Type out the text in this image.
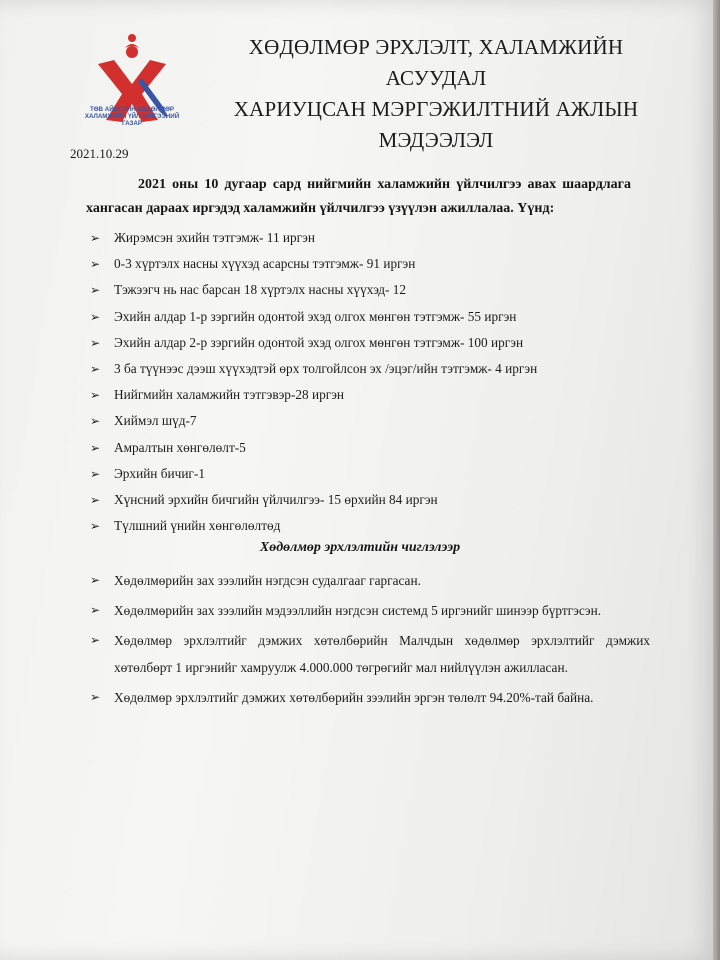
ТӨВ АЙМГИЙН ХӨДӨЛМӨР
ХАЛАМЖИЙН ҮЙЛЧИЛГЭЭНИЙ
ГАЗАР
ХӨДӨЛМӨР ЭРХЛЭЛТ, ХАЛАМЖИЙН АСУУДАЛ
ХАРИУЦСАН МЭРГЭЖИЛТНИЙ АЖЛЫН
МЭДЭЭЛЭЛ
2021.10.29
2021 оны 10 дугаар сард нийгмийн халамжийн үйлчилгээ авах шаардлага хангасан дараах иргэдэд халамжийн үйлчилгээ үзүүлэн ажиллалаа. Үүнд:
➢ Жирэмсэн эхийн тэтгэмж- 11 иргэн
➢ 0-3 хүртэлх насны хүүхэд асарсны тэтгэмж- 91 иргэн
➢ Тэжээгч нь нас барсан 18 хүртэлх насны хүүхэд- 12
➢ Эхийн алдар 1-р зэргийн одонтой эхэд олгох мөнгөн тэтгэмж- 55 иргэн
➢ Эхийн алдар 2-р зэргийн одонтой эхэд олгох мөнгөн тэтгэмж- 100 иргэн
➢ 3 ба түүнээс дээш хүүхэдтэй өрх толгойлсон эх /эцэг/ийн тэтгэмж- 4 иргэн
➢ Нийгмийн халамжийн тэтгэвэр-28 иргэн
➢ Хиймэл шүд-7
➢ Амралтын хөнгөлөлт-5
➢ Эрхийн бичиг-1
➢ Хүнсний эрхийн бичгийн үйлчилгээ- 15 өрхийн 84 иргэн
➢ Түлшний үнийн хөнгөлөлтөд
Хөдөлмөр эрхлэлтийн чиглэлээр
➢	Хөдөлмөрийн зах зээлийн нэгдсэн судалгааг гаргасан.
➢	Хөдөлмөрийн зах зээлийн мэдээллийн нэгдсэн системд 5 иргэнийг шинээр бүртгэсэн.
➢	Хөдөлмөр эрхлэлтийг дэмжих хөтөлбөрийн Малчдын хөдөлмөр эрхлэлтийг дэмжих хөтөлбөрт 1 иргэнийг хамруулж 4.000.000 төгрөгийг мал нийлүүлэн ажилласан.
➢	Хөдөлмөр эрхлэлтийг дэмжих хөтөлбөрийн зээлийн эргэн төлөлт 94.20%-тай байна.
